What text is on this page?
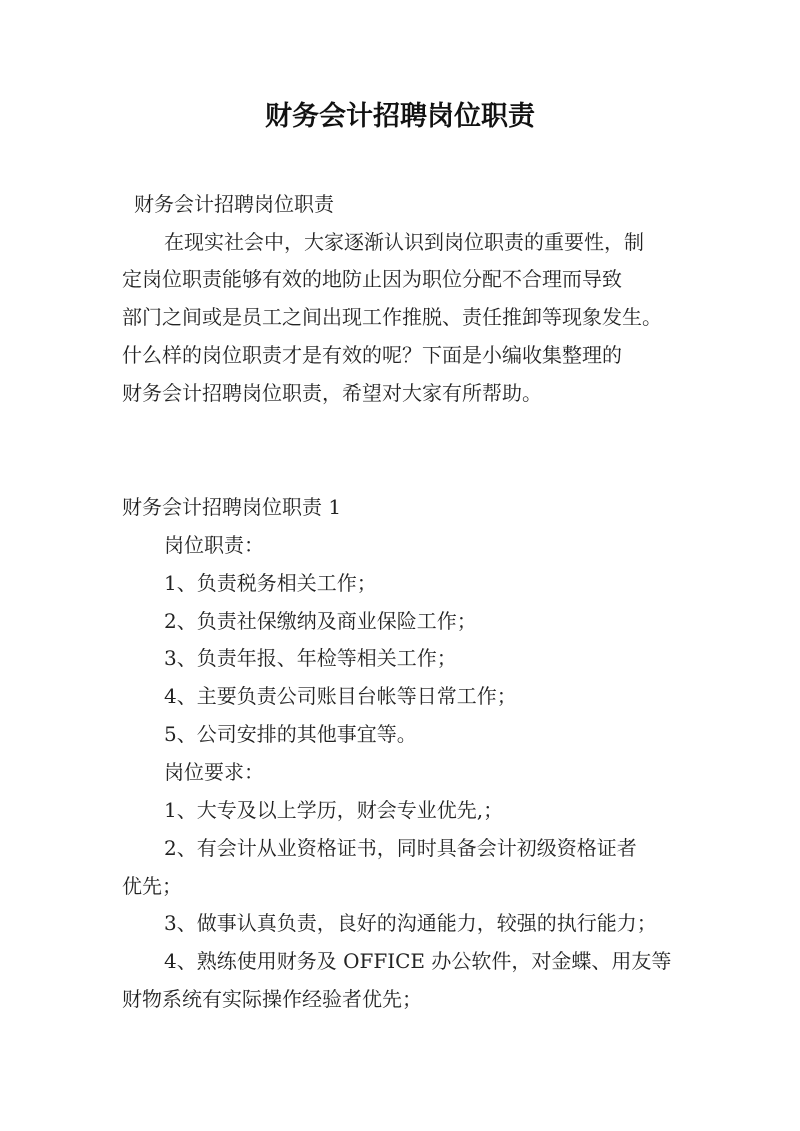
财务会计招聘岗位职责
财务会计招聘岗位职责
在现实社会中，大家逐渐认识到岗位职责的重要性，制
定岗位职责能够有效的地防止因为职位分配不合理而导致
部门之间或是员工之间出现工作推脱、责任推卸等现象发生。
什么样的岗位职责才是有效的呢？下面是小编收集整理的
财务会计招聘岗位职责，希望对大家有所帮助。
财务会计招聘岗位职责 1
岗位职责：
1、负责税务相关工作；
2、负责社保缴纳及商业保险工作；
3、负责年报、年检等相关工作；
4、主要负责公司账目台帐等日常工作；
5、公司安排的其他事宜等。
岗位要求：
1、大专及以上学历，财会专业优先,；
2、有会计从业资格证书，同时具备会计初级资格证者
优先；
3、做事认真负责，良好的沟通能力，较强的执行能力；
4、熟练使用财务及 OFFICE 办公软件，对金蝶、用友等
财物系统有实际操作经验者优先；
